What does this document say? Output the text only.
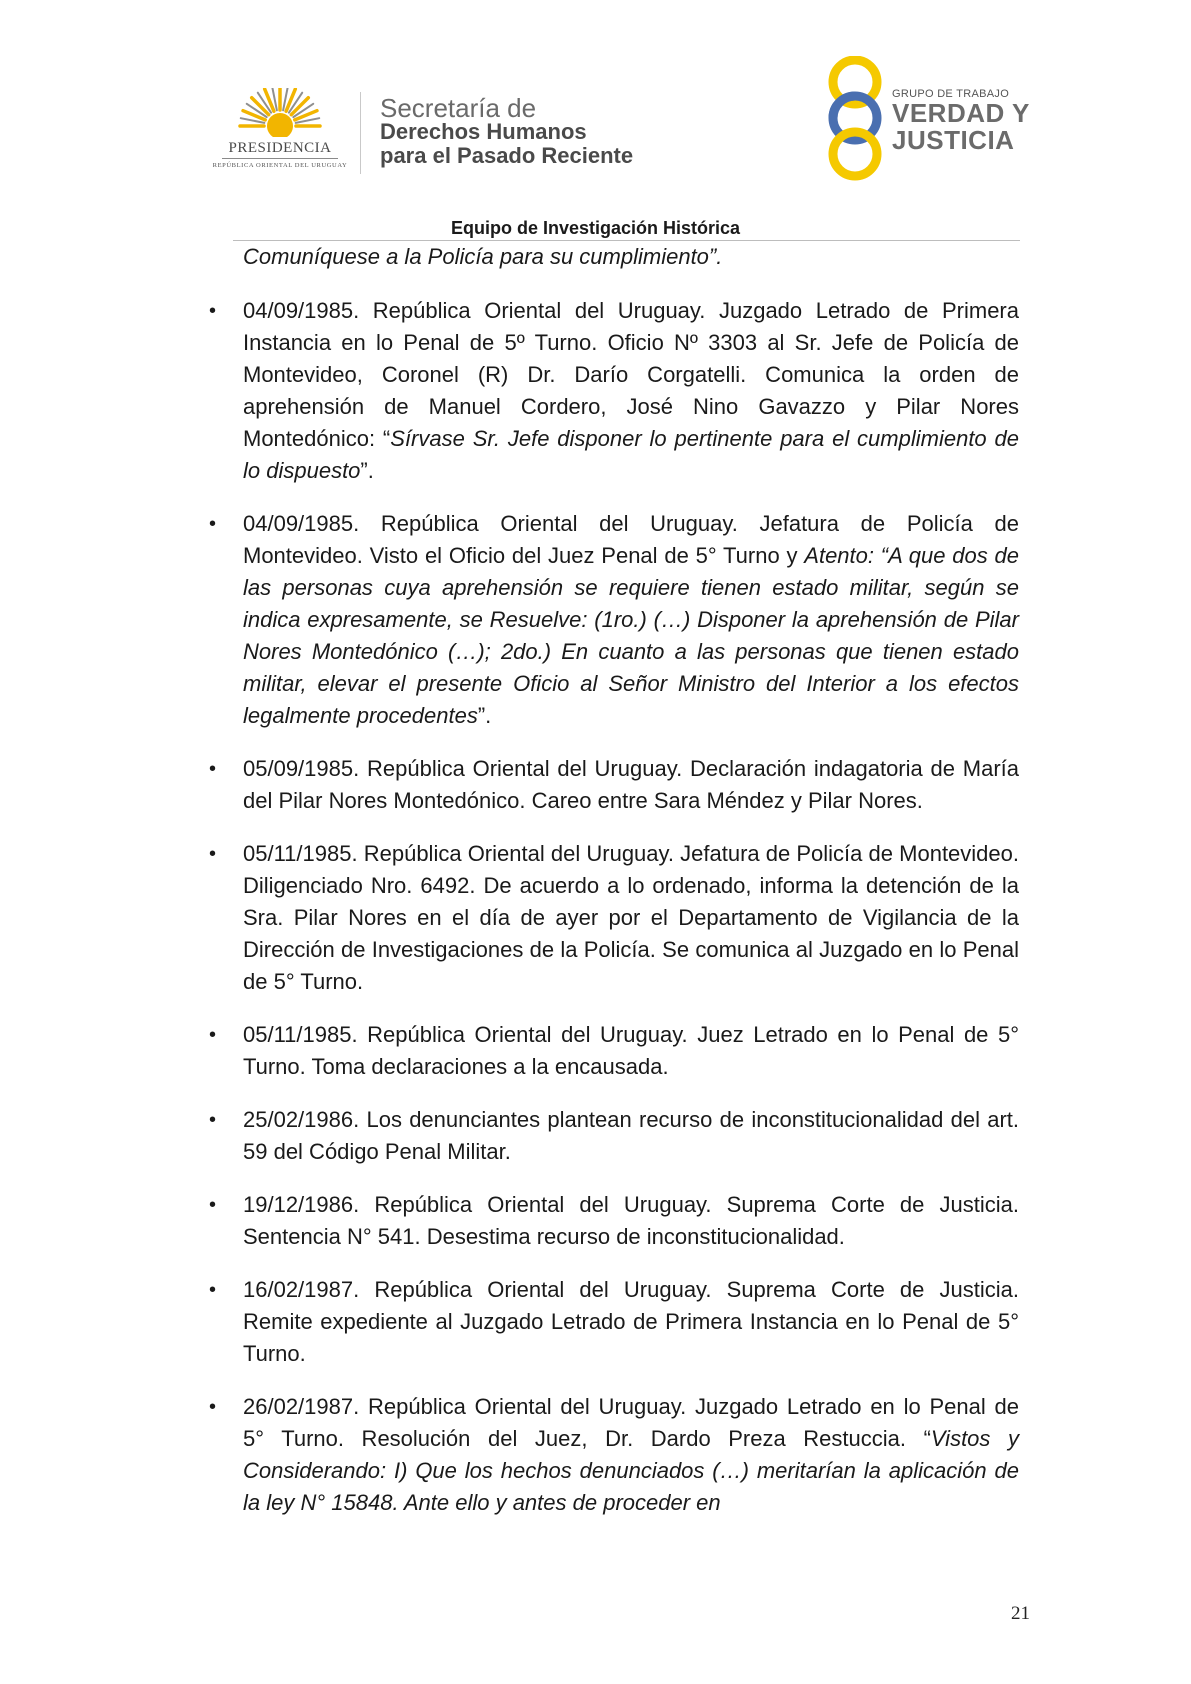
PRESIDENCIA
REPÚBLICA ORIENTAL DEL URUGUAY
Secretaría de
Derechos Humanos
para el Pasado Reciente
GRUPO DE TRABAJO
VERDAD Y
JUSTICIA
Equipo de Investigación Histórica

Comuníquese a la Policía para su cumplimiento”.

• 04/09/1985. República Oriental del Uruguay. Juzgado Letrado de Primera Instancia en lo Penal de 5º Turno. Oficio Nº 3303 al Sr. Jefe de Policía de Montevideo, Coronel (R) Dr. Darío Corgatelli. Comunica la orden de aprehensión de Manuel Cordero, José Nino Gavazzo y Pilar Nores Montedónico: “Sírvase Sr. Jefe disponer lo pertinente para el cumplimiento de lo dispuesto”.
• 04/09/1985. República Oriental del Uruguay. Jefatura de Policía de Montevideo. Visto el Oficio del Juez Penal de 5° Turno y Atento: “A que dos de las personas cuya aprehensión se requiere tienen estado militar, según se indica expresamente, se Resuelve: (1ro.) (…) Disponer la aprehensión de Pilar Nores Montedónico (…); 2do.) En cuanto a las personas que tienen estado militar, elevar el presente Oficio al Señor Ministro del Interior a los efectos legalmente procedentes”.
• 05/09/1985. República Oriental del Uruguay. Declaración indagatoria de María del Pilar Nores Montedónico. Careo entre Sara Méndez y Pilar Nores.
• 05/11/1985. República Oriental del Uruguay. Jefatura de Policía de Montevideo. Diligenciado Nro. 6492. De acuerdo a lo ordenado, informa la detención de la Sra. Pilar Nores en el día de ayer por el Departamento de Vigilancia de la Dirección de Investigaciones de la Policía. Se comunica al Juzgado en lo Penal de 5° Turno.
• 05/11/1985. República Oriental del Uruguay. Juez Letrado en lo Penal de 5° Turno. Toma declaraciones a la encausada.
• 25/02/1986. Los denunciantes plantean recurso de inconstitucionalidad del art. 59 del Código Penal Militar.
• 19/12/1986. República Oriental del Uruguay. Suprema Corte de Justicia. Sentencia N° 541. Desestima recurso de inconstitucionalidad.
• 16/02/1987. República Oriental del Uruguay. Suprema Corte de Justicia. Remite expediente al Juzgado Letrado de Primera Instancia en lo Penal de 5° Turno.
• 26/02/1987. República Oriental del Uruguay. Juzgado Letrado en lo Penal de 5° Turno. Resolución del Juez, Dr. Dardo Preza Restuccia. “Vistos y Considerando: I) Que los hechos denunciados (…) meritarían la aplicación de la ley N° 15848. Ante ello y antes de proceder en
21
